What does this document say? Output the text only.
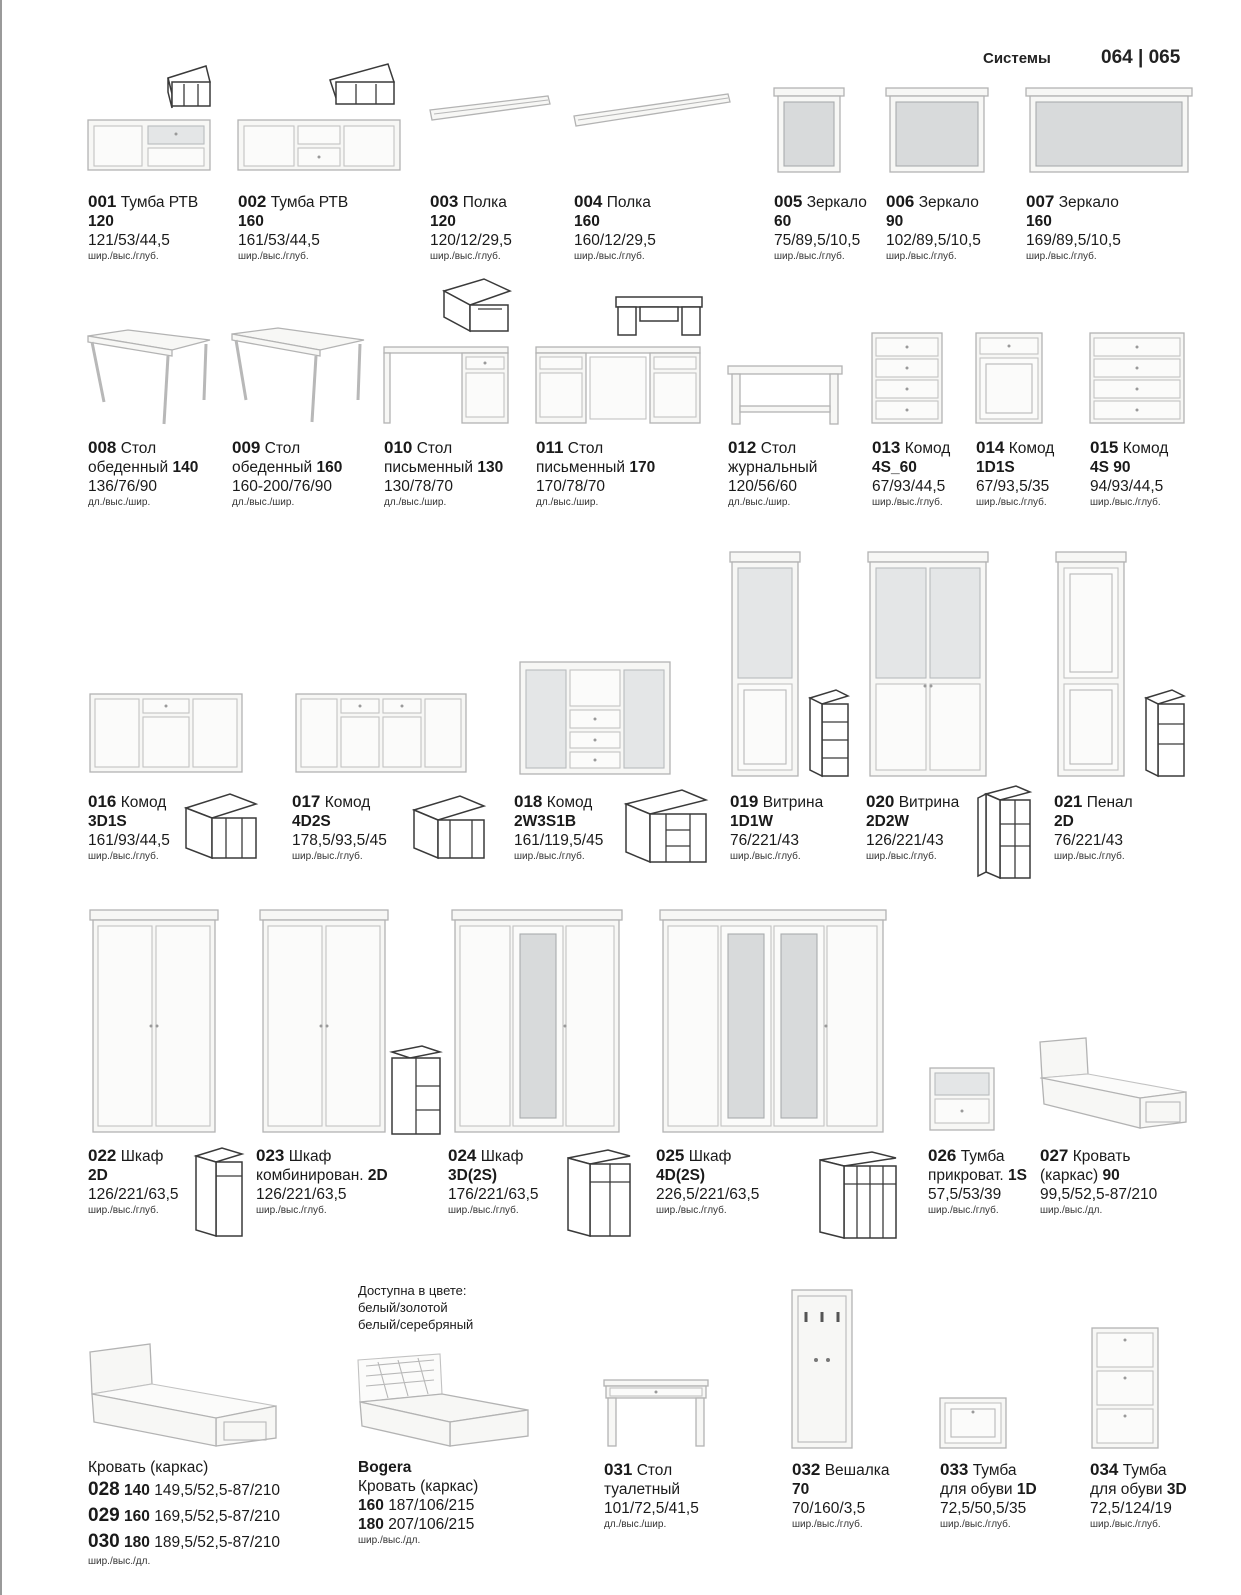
Системы	064 | 065
001 Тумба РТВ
120
121/53/44,5
шир./выс./глуб.
002 Тумба РТВ
160
161/53/44,5
шир./выс./глуб.
003 Полка
120
120/12/29,5
шир./выс./глуб.
004 Полка
160
160/12/29,5
шир./выс./глуб.
005 Зеркало
60
75/89,5/10,5
шир./выс./глуб.
006 Зеркало
90
102/89,5/10,5
шир./выс./глуб.
007 Зеркало
160
169/89,5/10,5
шир./выс./глуб.
008 Стол
обеденный 140
136/76/90
дл./выс./шир.
009 Стол
обеденный 160
160-200/76/90
дл./выс./шир.
010 Стол
письменный 130
130/78/70
дл./выс./шир.
011 Стол
письменный 170
170/78/70
дл./выс./шир.
012 Стол
журнальный
120/56/60
дл./выс./шир.
013 Комод
4S_60
67/93/44,5
шир./выс./глуб.
014 Комод
1D1S
67/93,5/35
шир./выс./глуб.
015 Комод
4S 90
94/93/44,5
шир./выс./глуб.
016 Комод
3D1S
161/93/44,5
шир./выс./глуб.
017 Комод
4D2S
178,5/93,5/45
шир./выс./глуб.
018 Комод
2W3S1B
161/119,5/45
шир./выс./глуб.
019 Витрина
1D1W
76/221/43
шир./выс./глуб.
020 Витрина
2D2W
126/221/43
шир./выс./глуб.
021 Пенал
2D
76/221/43
шир./выс./глуб.
022 Шкаф
2D
126/221/63,5
шир./выс./глуб.
023 Шкаф
комбинирован. 2D
126/221/63,5
шир./выс./глуб.
024 Шкаф
3D(2S)
176/221/63,5
шир./выс./глуб.
025 Шкаф
4D(2S)
226,5/221/63,5
шир./выс./глуб.
026 Тумба
прикроват. 1S
57,5/53/39
шир./выс./глуб.
027 Кровать
(каркас) 90
99,5/52,5-87/210
шир./выс./дл.
Кровать (каркас)
028 140 149,5/52,5-87/210
029 160 169,5/52,5-87/210
030 180 189,5/52,5-87/210
шир./выс./дл.
Доступна в цвете:
белый/золотой
белый/серебряный
Bogera
Кровать (каркас)
160 187/106/215
180 207/106/215
шир./выс./дл.
031 Стол
туалетный
101/72,5/41,5
дл./выс./шир.
032 Вешалка
70
70/160/3,5
шир./выс./глуб.
033 Тумба
для обуви 1D
72,5/50,5/35
шир./выс./глуб.
034 Тумба
для обуви 3D
72,5/124/19
шир./выс./глуб.
